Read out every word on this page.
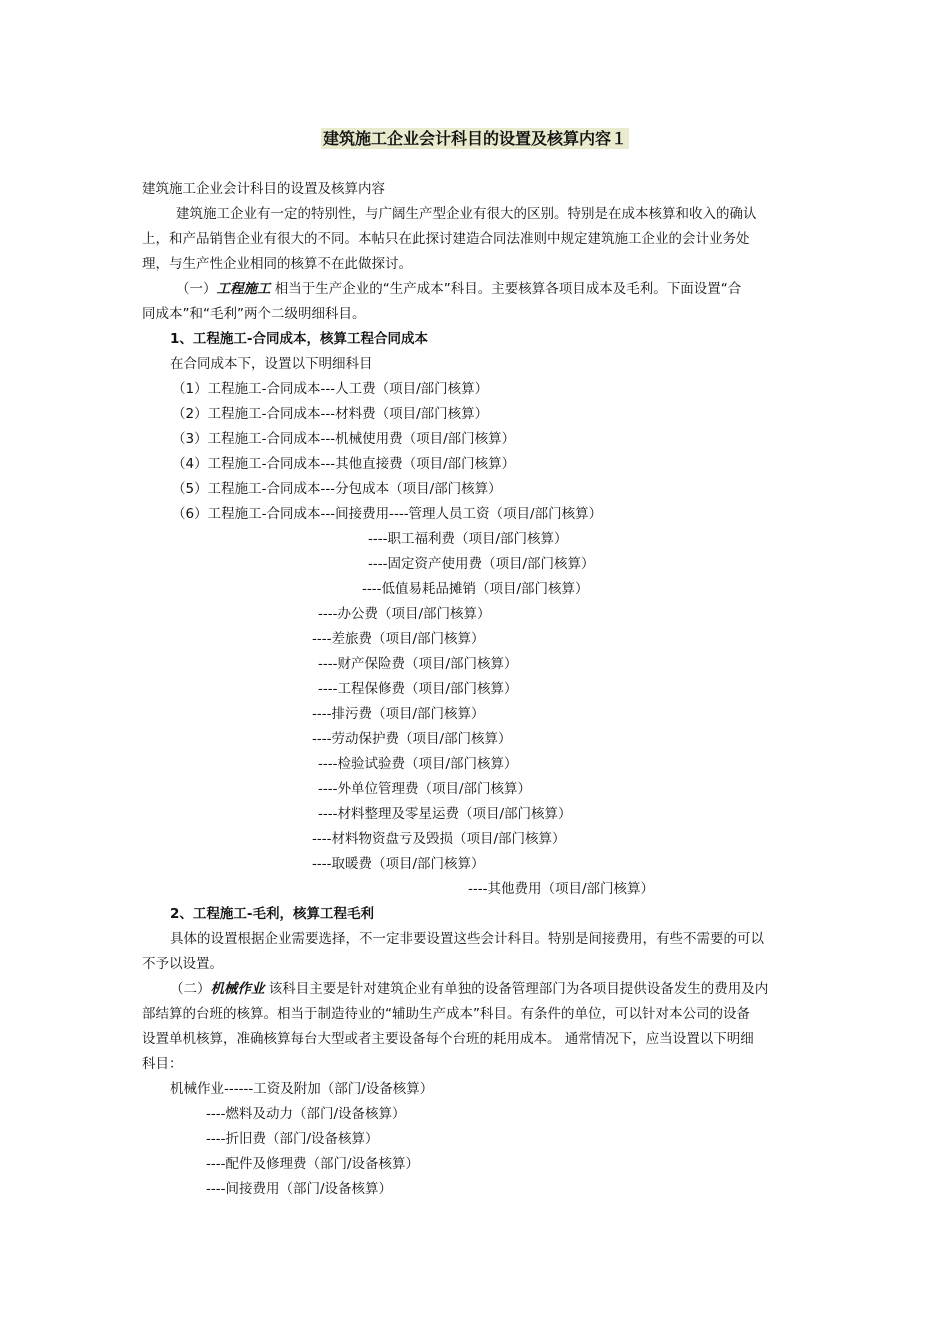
建筑施工企业会计科目的设置及核算内容１
建筑施工企业会计科目的设置及核算内容
建筑施工企业有一定的特别性，与广阔生产型企业有很大的区别。特别是在成本核算和收入的确认
上，和产品销售企业有很大的不同。本帖只在此探讨建造合同法准则中规定建筑施工企业的会计业务处
理，与生产性企业相同的核算不在此做探讨。
（一）工程施工 相当于生产企业的“生产成本”科目。主要核算各项目成本及毛利。下面设置“合
同成本”和“毛利”两个二级明细科目。
1、工程施工-合同成本，核算工程合同成本
在合同成本下，设置以下明细科目
（1）工程施工-合同成本---人工费（项目/部门核算）
（2）工程施工-合同成本---材料费（项目/部门核算）
（3）工程施工-合同成本---机械使用费（项目/部门核算）
（4）工程施工-合同成本---其他直接费（项目/部门核算）
（5）工程施工-合同成本---分包成本（项目/部门核算）
（6）工程施工-合同成本---间接费用----管理人员工资（项目/部门核算）
----职工福利费（项目/部门核算）
----固定资产使用费（项目/部门核算）
----低值易耗品摊销（项目/部门核算）
----办公费（项目/部门核算）
----差旅费（项目/部门核算）
----财产保险费（项目/部门核算）
----工程保修费（项目/部门核算）
----排污费（项目/部门核算）
----劳动保护费（项目/部门核算）
----检验试验费（项目/部门核算）
----外单位管理费（项目/部门核算）
----材料整理及零星运费（项目/部门核算）
----材料物资盘亏及毁损（项目/部门核算）
----取暖费（项目/部门核算）
----其他费用（项目/部门核算）
2、工程施工-毛利，核算工程毛利
具体的设置根据企业需要选择，不一定非要设置这些会计科目。特别是间接费用，有些不需要的可以
不予以设置。
（二）机械作业 该科目主要是针对建筑企业有单独的设备管理部门为各项目提供设备发生的费用及内
部结算的台班的核算。相当于制造待业的“辅助生产成本”科目。有条件的单位，可以针对本公司的设备
设置单机核算，准确核算每台大型或者主要设备每个台班的耗用成本。 通常情况下，应当设置以下明细
科目：
机械作业------工资及附加（部门/设备核算）
----燃料及动力（部门/设备核算）
----折旧费（部门/设备核算）
----配件及修理费（部门/设备核算）
----间接费用（部门/设备核算）
